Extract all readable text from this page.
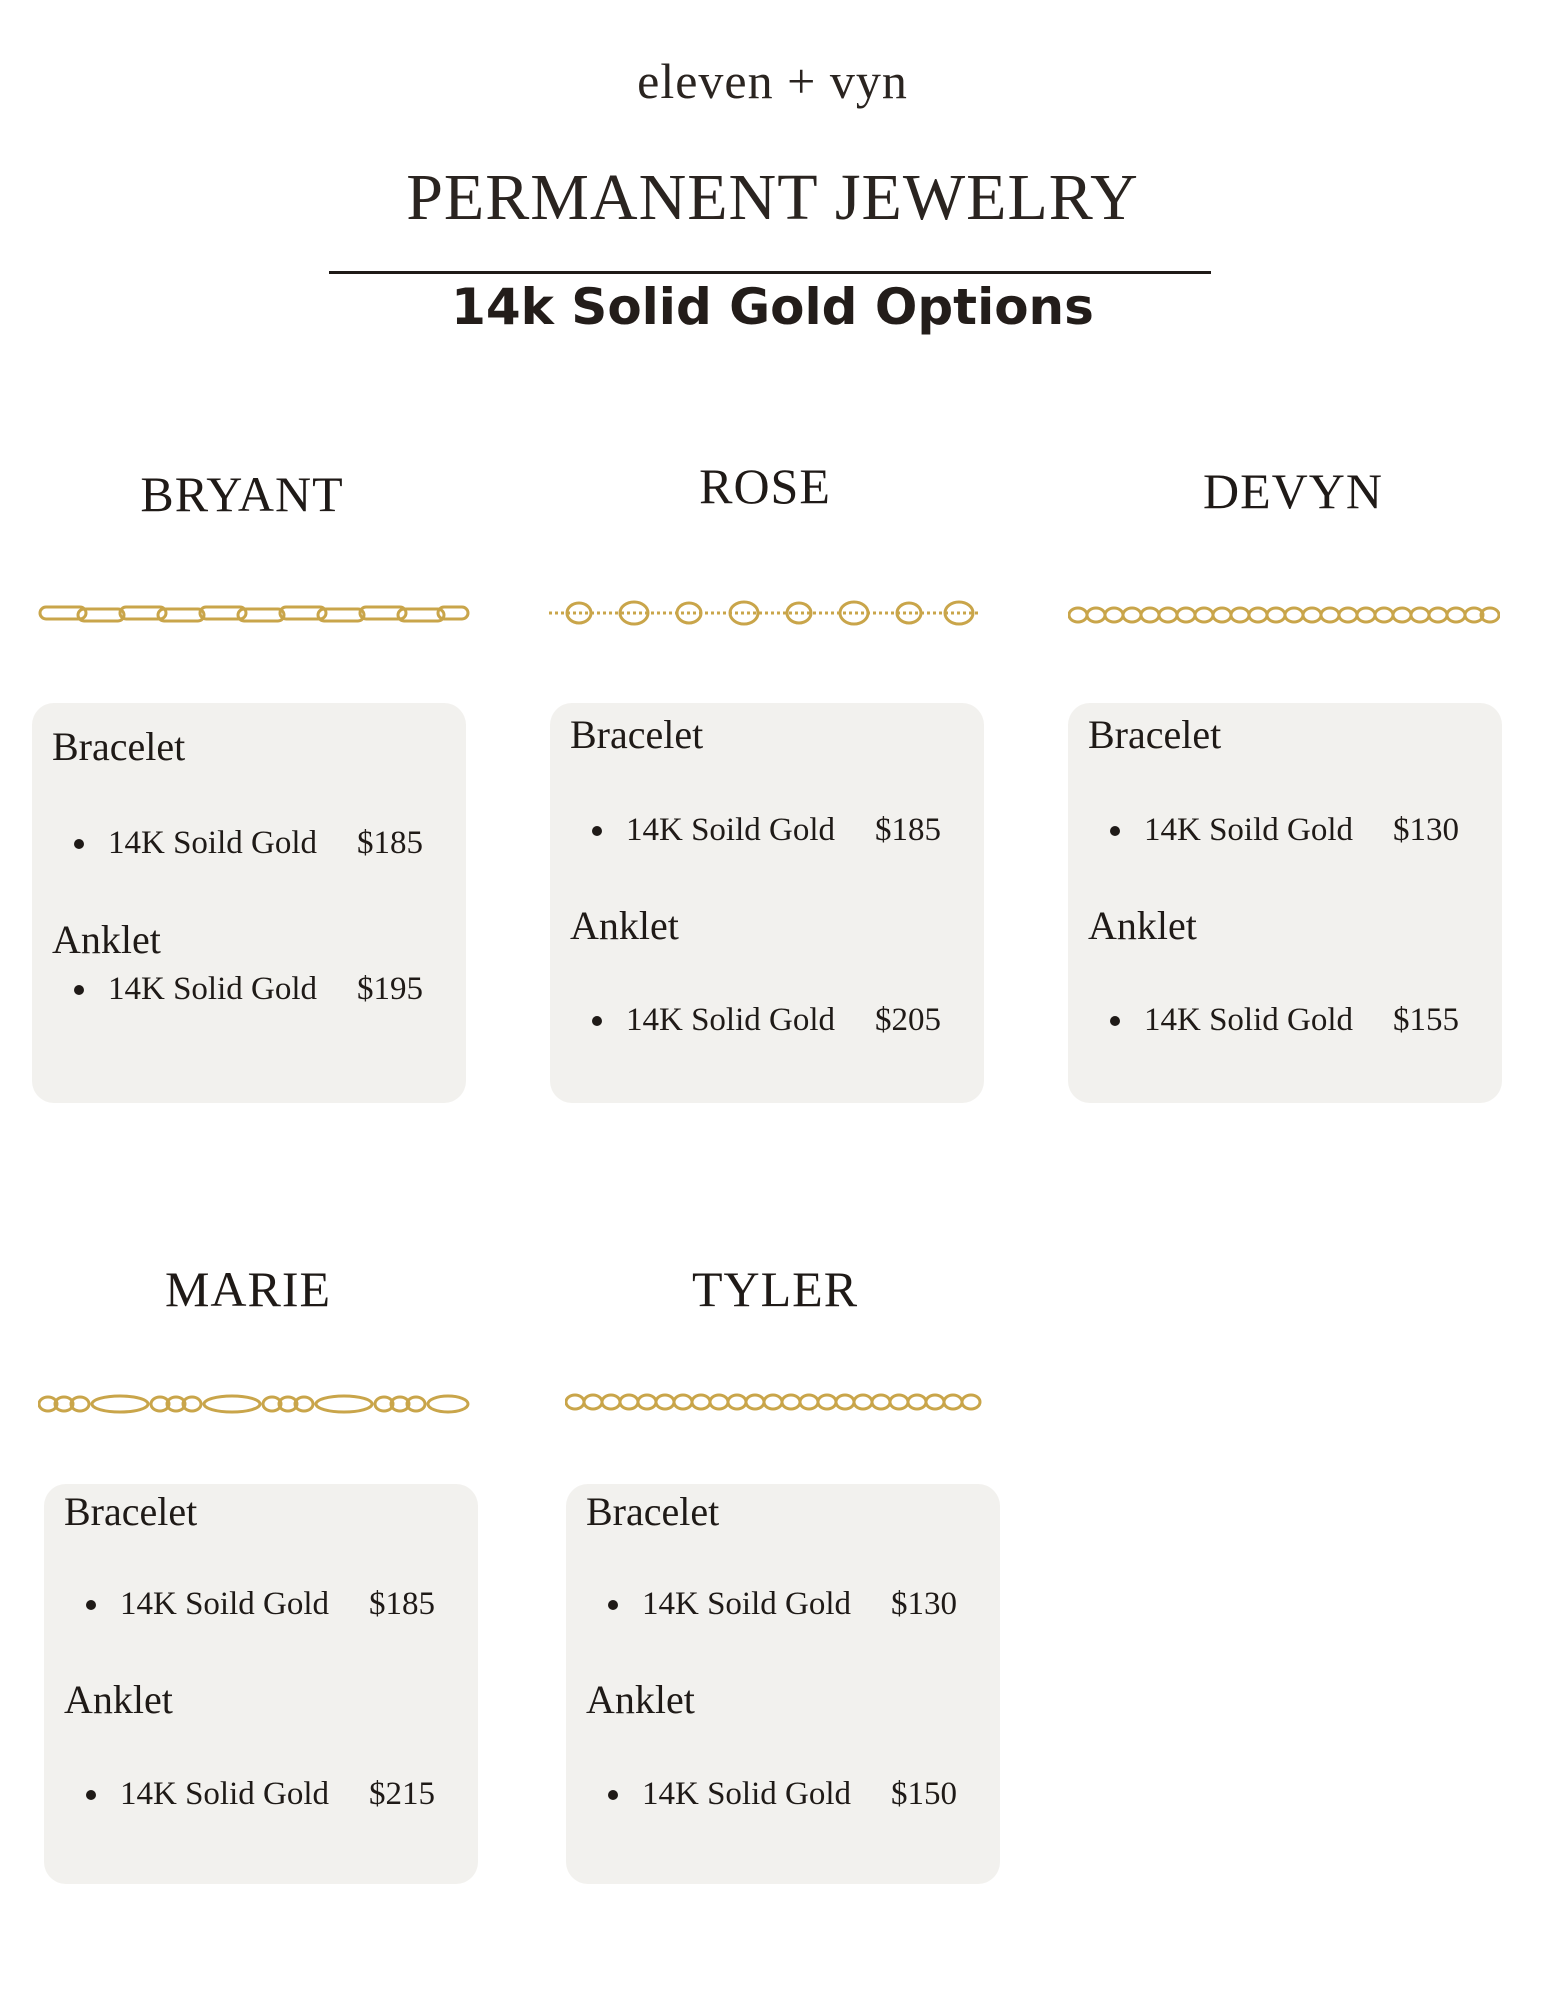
eleven + vyn
PERMANENT JEWELRY
14k Solid Gold Options
BRYANT
Bracelet
14K Soild Gold $185
Anklet
14K Solid Gold $195
ROSE
Bracelet
14K Soild Gold $185
Anklet
14K Solid Gold $205
DEVYN
Bracelet
14K Soild Gold $130
Anklet
14K Solid Gold $155
MARIE
Bracelet
14K Soild Gold $185
Anklet
14K Solid Gold $215
TYLER
Bracelet
14K Soild Gold $130
Anklet
14K Solid Gold $150
